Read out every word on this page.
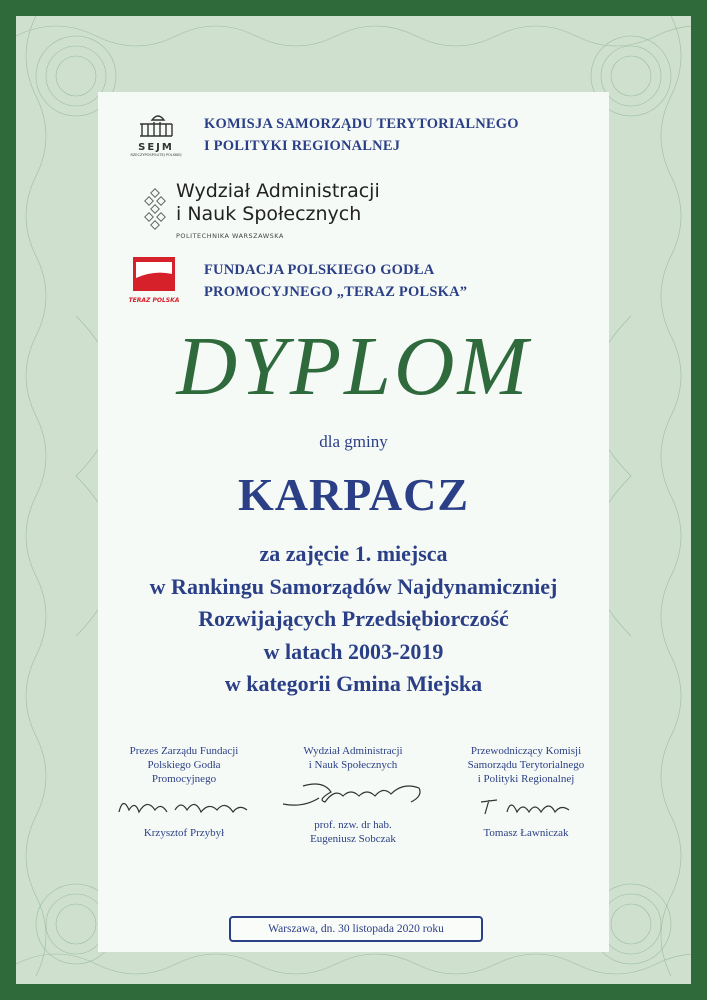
SEJM
RZECZYPOSPOLITEJ POLSKIEJ
KOMISJA SAMORZĄDU TERYTORIALNEGO
I POLITYKI REGIONALNEJ
Wydział Administracji
i Nauk Społecznych
POLITECHNIKA WARSZAWSKA
TERAZ POLSKA
FUNDACJA POLSKIEGO GODŁA
PROMOCYJNEGO „TERAZ POLSKA”
DYPLOM
dla gminy
KARPACZ
za zajęcie 1. miejsca
w Rankingu Samorządów Najdynamiczniej
Rozwijających Przedsiębiorczość
w latach 2003-2019
w kategorii Gmina Miejska
Prezes Zarządu Fundacji
Polskiego Godła
Promocyjnego
Krzysztof Przybył
Wydział Administracji
i Nauk Społecznych
prof. nzw. dr hab.
Eugeniusz Sobczak
Przewodniczący Komisji
Samorządu Terytorialnego
i Polityki Regionalnej
Tomasz Ławniczak
Warszawa, dn. 30 listopada 2020 roku
